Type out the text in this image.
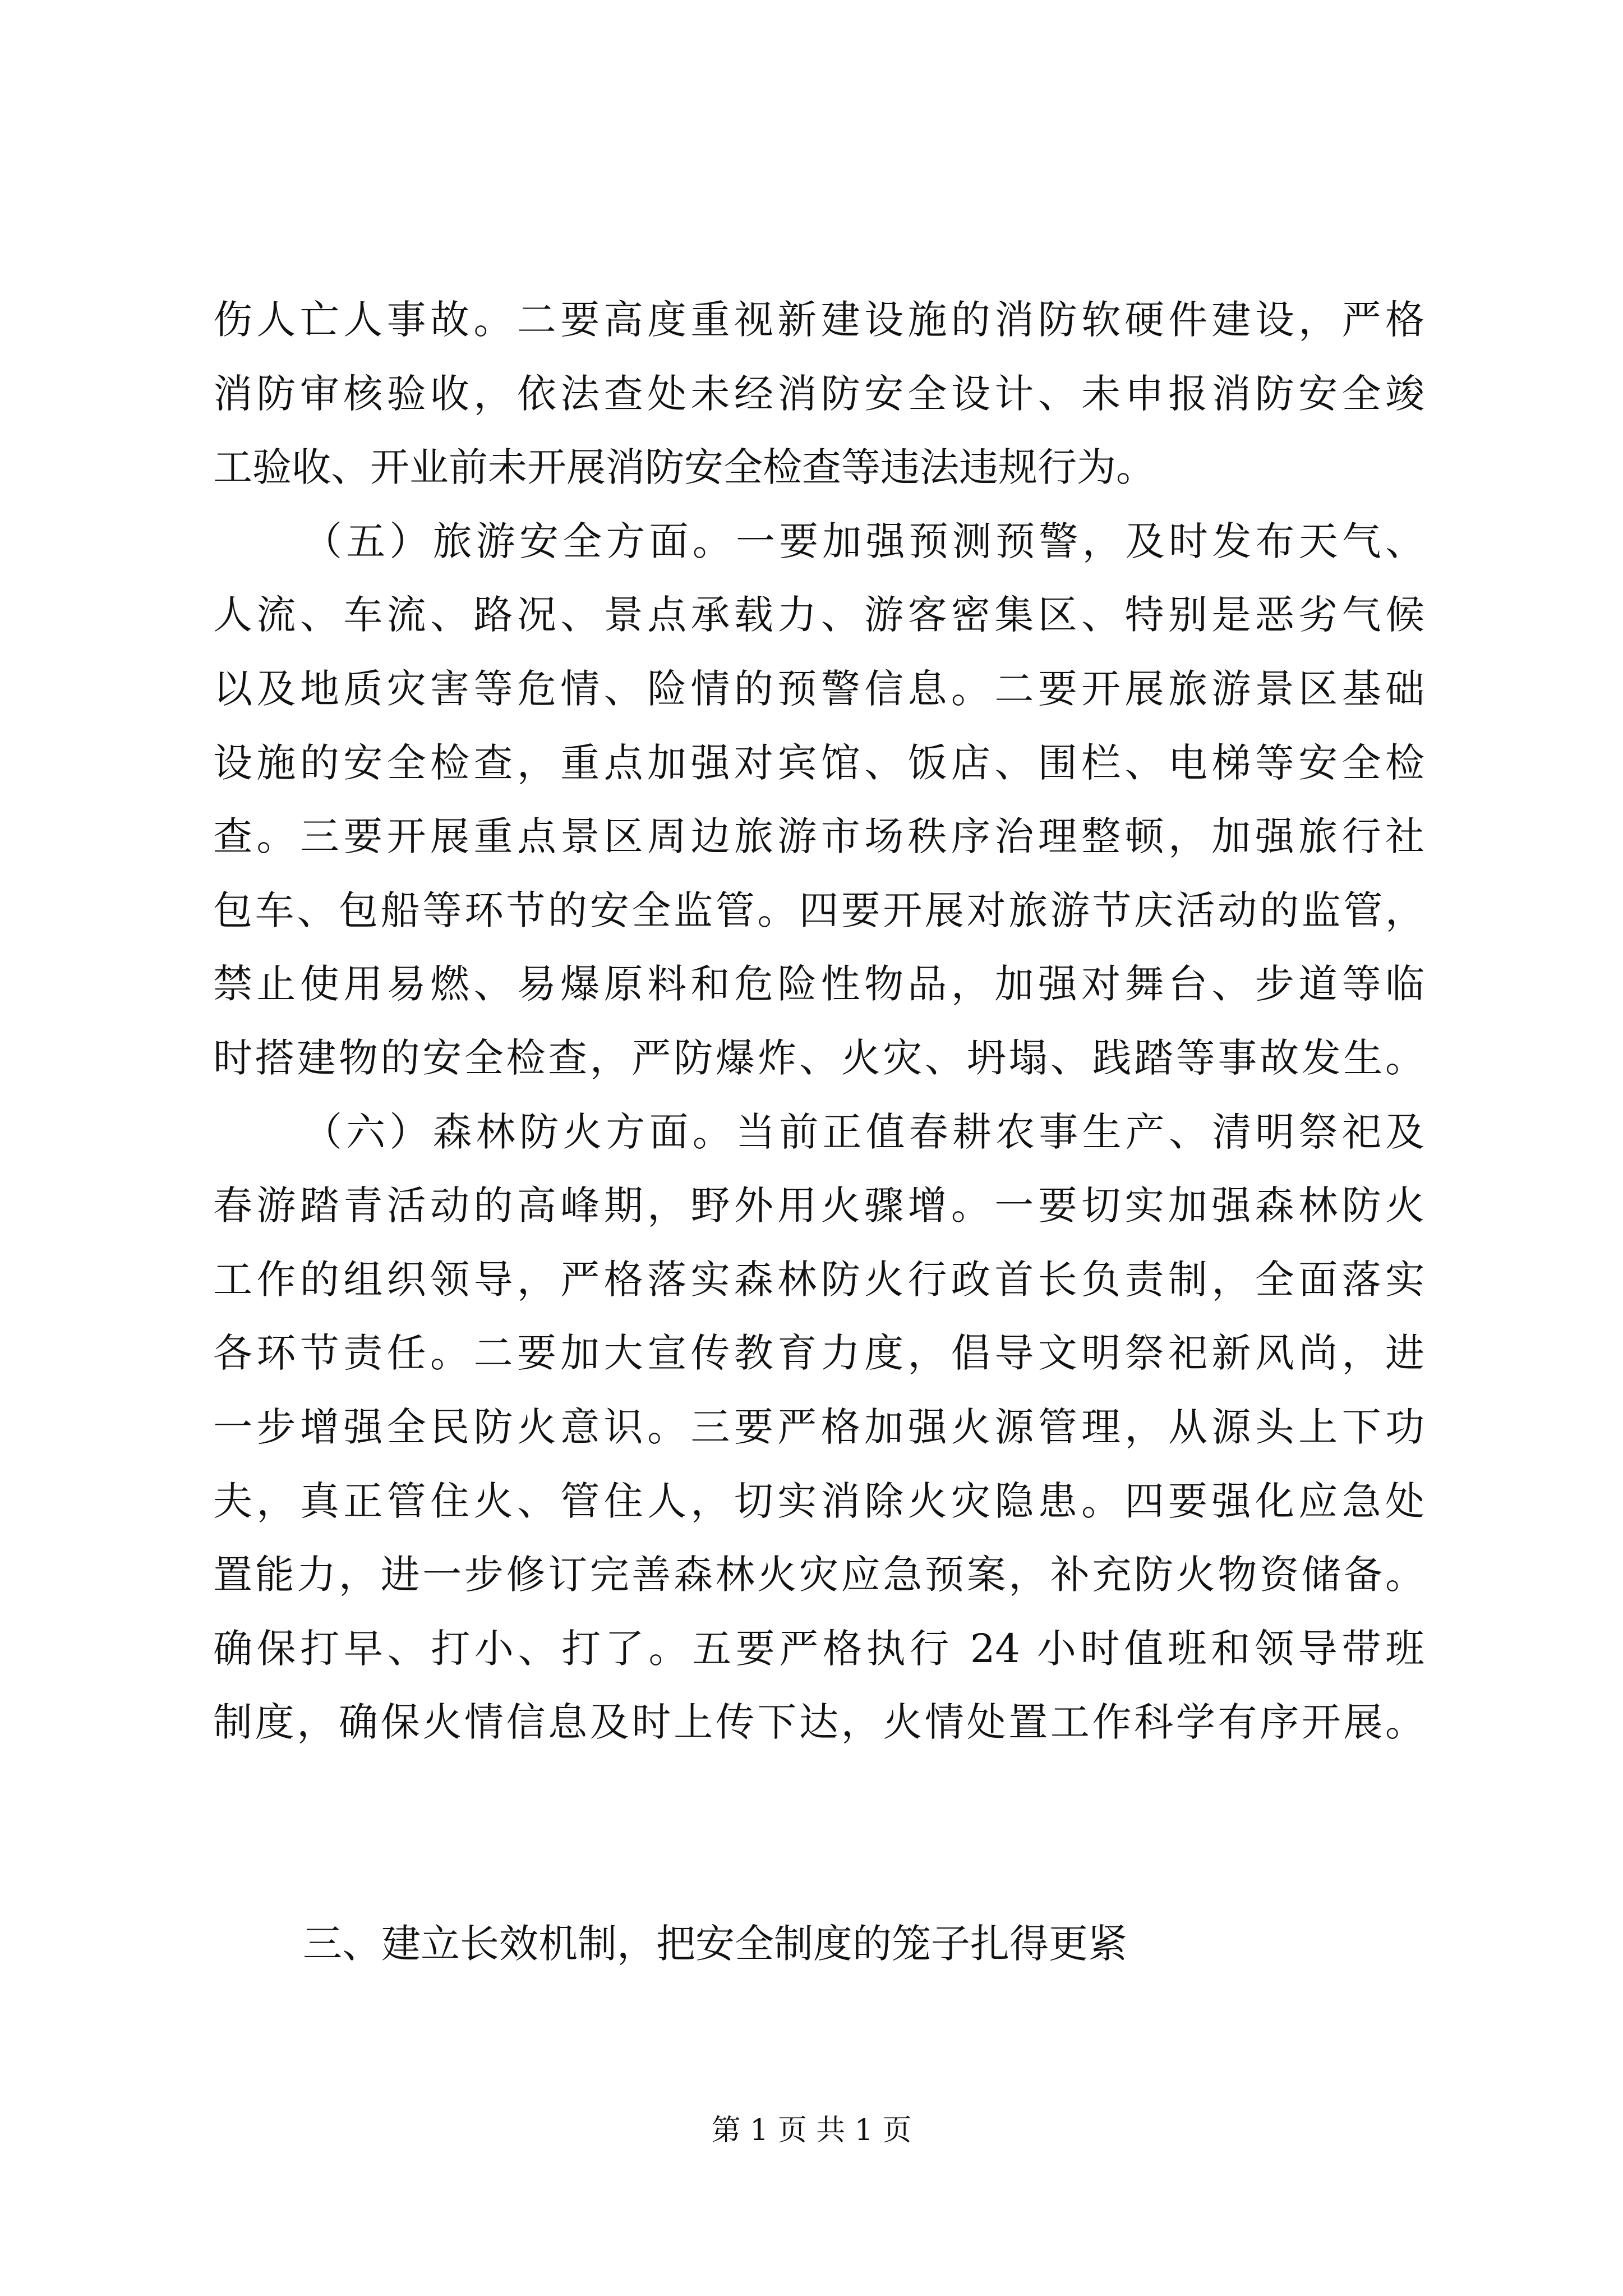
伤人亡人事故。二要高度重视新建设施的消防软硬件建设，严格
消防审核验收，依法查处未经消防安全设计、未申报消防安全竣
工验收、开业前未开展消防安全检查等违法违规行为。
（五）旅游安全方面。一要加强预测预警，及时发布天气、
人流、车流、路况、景点承载力、游客密集区、特别是恶劣气候
以及地质灾害等危情、险情的预警信息。二要开展旅游景区基础
设施的安全检查，重点加强对宾馆、饭店、围栏、电梯等安全检
查。三要开展重点景区周边旅游市场秩序治理整顿，加强旅行社
包车、包船等环节的安全监管。四要开展对旅游节庆活动的监管，
禁止使用易燃、易爆原料和危险性物品，加强对舞台、步道等临
时搭建物的安全检查，严防爆炸、火灾、坍塌、践踏等事故发生。
（六）森林防火方面。当前正值春耕农事生产、清明祭祀及
春游踏青活动的高峰期，野外用火骤增。一要切实加强森林防火
工作的组织领导，严格落实森林防火行政首长负责制，全面落实
各环节责任。二要加大宣传教育力度，倡导文明祭祀新风尚，进
一步增强全民防火意识。三要严格加强火源管理，从源头上下功
夫，真正管住火、管住人，切实消除火灾隐患。四要强化应急处
置能力，进一步修订完善森林火灾应急预案，补充防火物资储备。
确保打早、打小、打了。五要严格执行 24 小时值班和领导带班
制度，确保火情信息及时上传下达，火情处置工作科学有序开展。
三、建立长效机制，把安全制度的笼子扎得更紧
第 1 页 共 1 页
